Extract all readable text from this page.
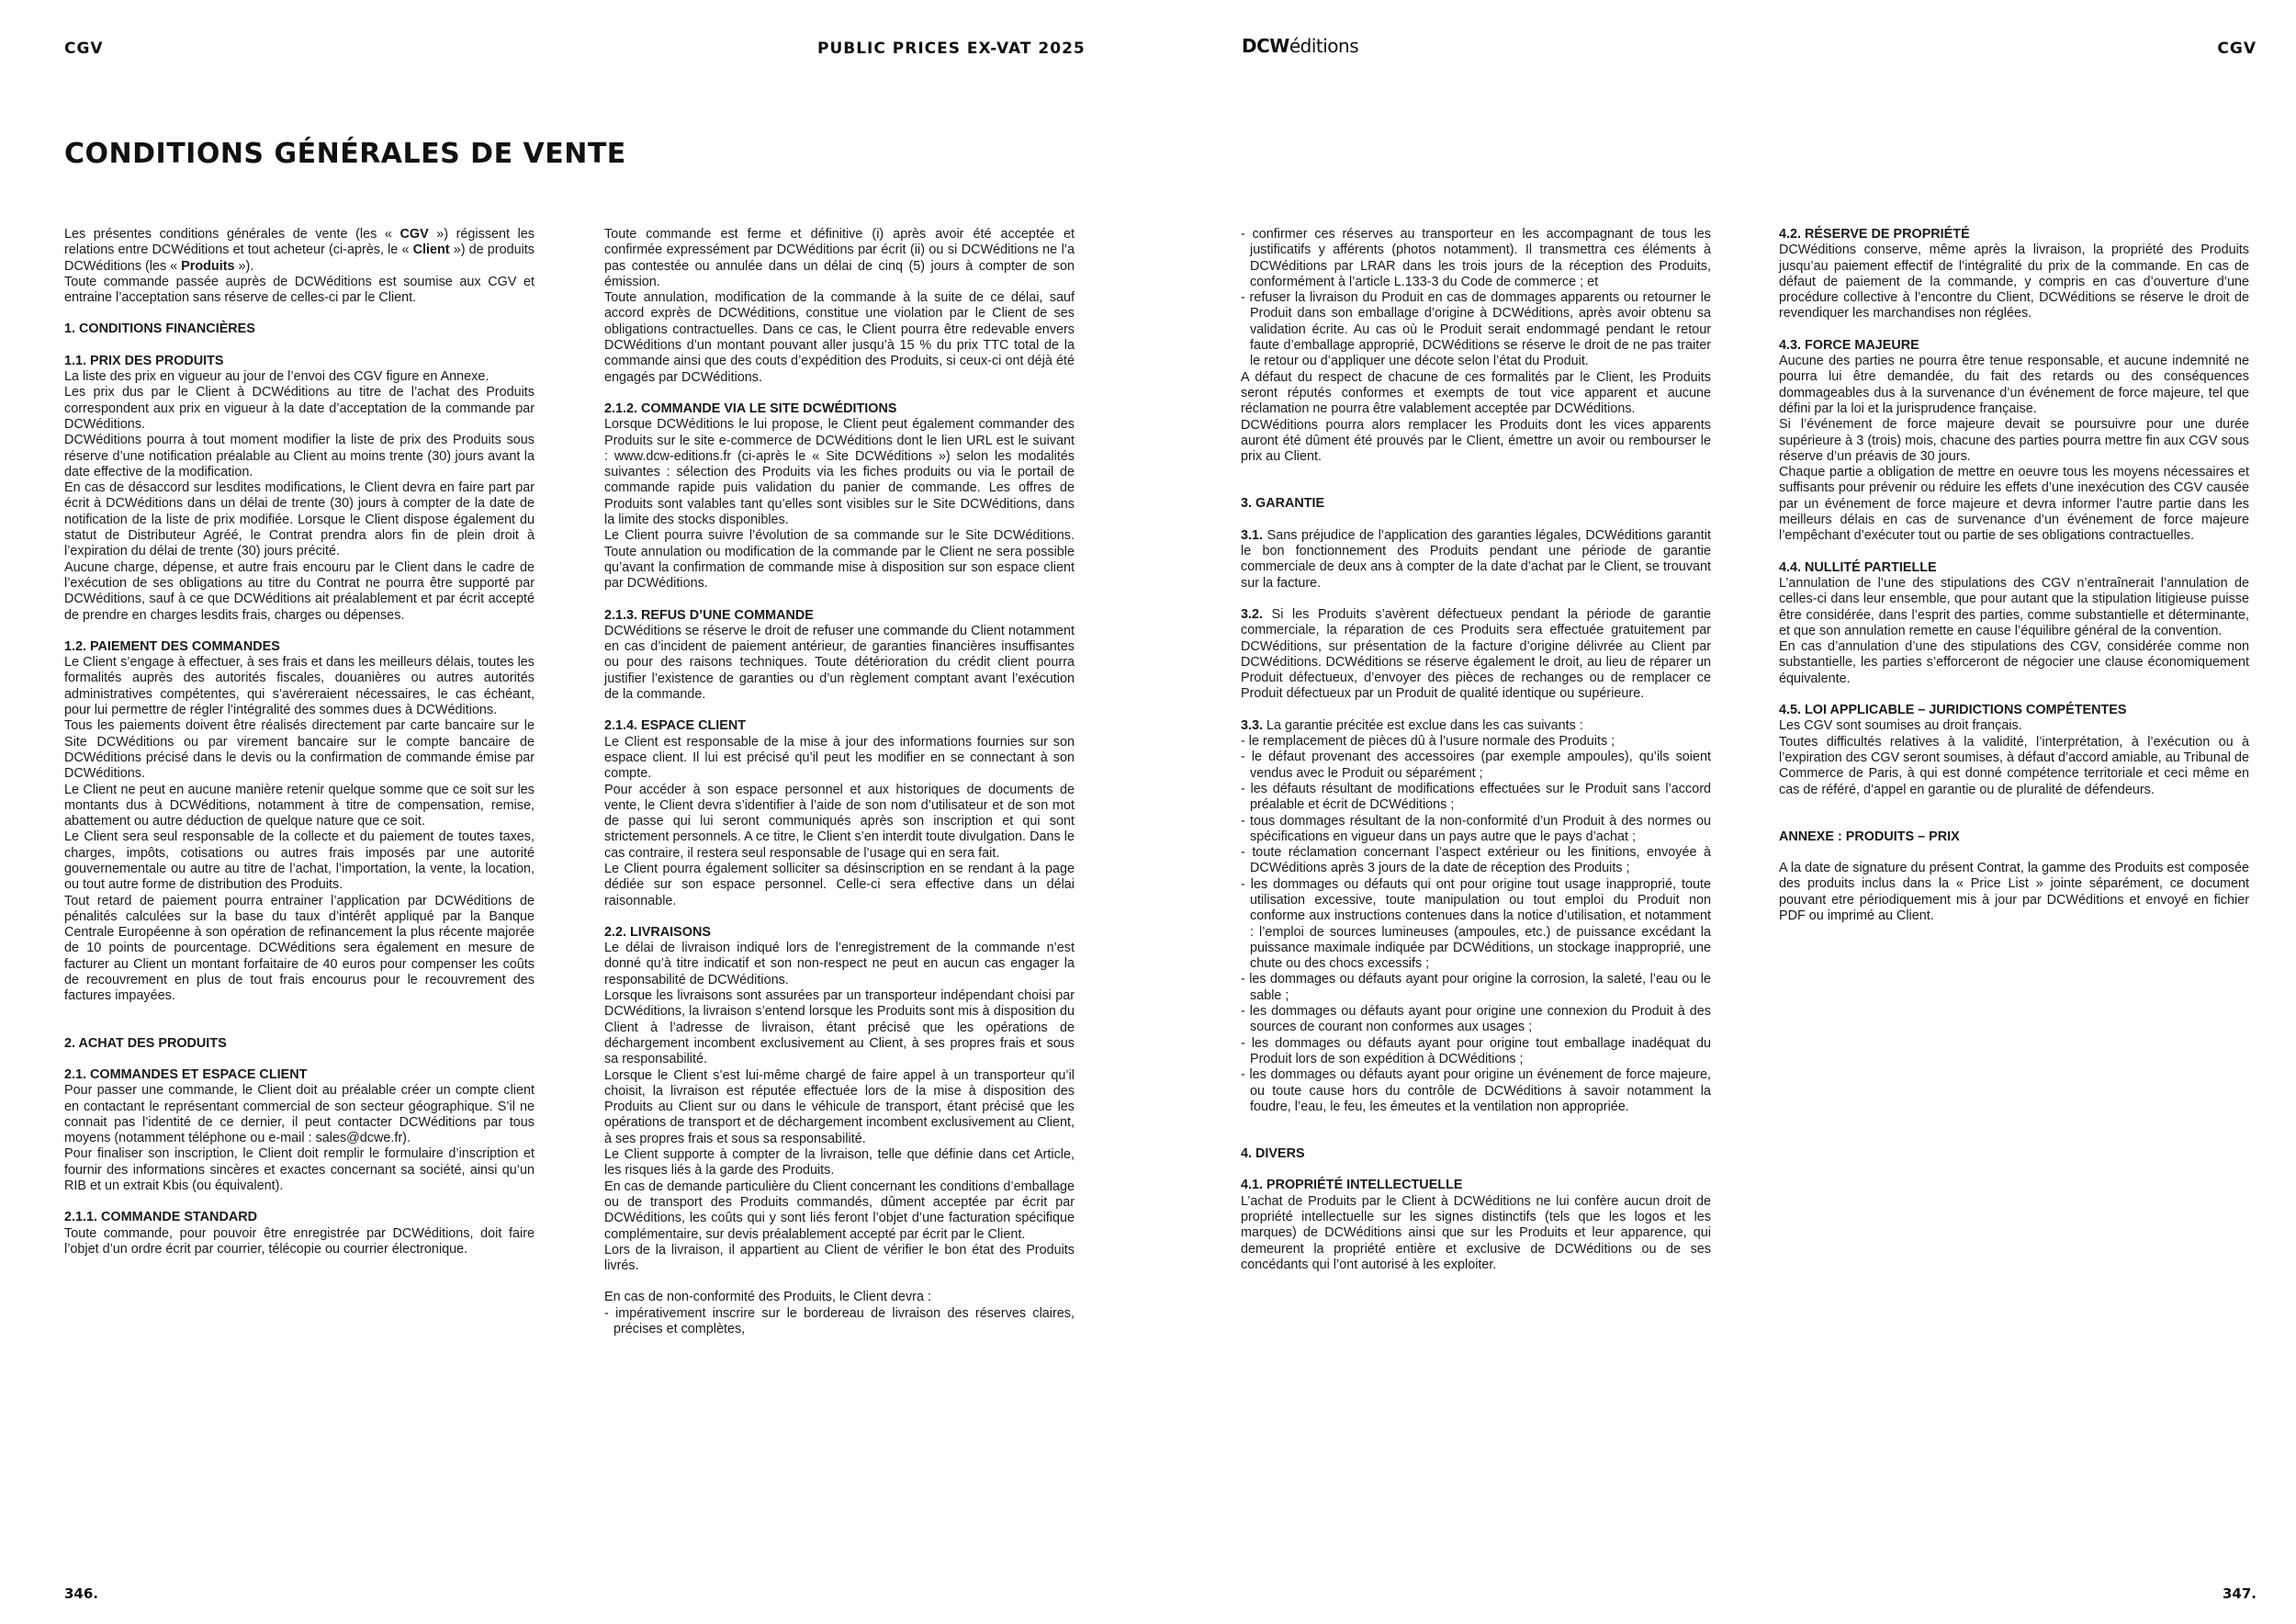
CGV	PUBLIC PRICES EX-VAT 2025	DCWéditions	CGV
CONDITIONS GÉNÉRALES DE VENTE

Les présentes conditions générales de vente (les « CGV ») régissent les relations entre DCWéditions et tout acheteur (ci-après, le « Client ») de produits DCWéditions (les « Produits »).

Toute commande passée auprès de DCWéditions est soumise aux CGV et entraine l’acceptation sans réserve de celles-ci par le Client.

1. CONDITIONS FINANCIÈRES

1.1. PRIX DES PRODUITS

La liste des prix en vigueur au jour de l’envoi des CGV figure en Annexe.

Les prix dus par le Client à DCWéditions au titre de l’achat des Produits correspondent aux prix en vigueur à la date d’acceptation de la commande par DCWéditions.

DCWéditions pourra à tout moment modifier la liste de prix des Produits sous réserve d’une notification préalable au Client au moins trente (30) jours avant la date effective de la modification.

En cas de désaccord sur lesdites modifications, le Client devra en faire part par écrit à DCWéditions dans un délai de trente (30) jours à compter de la date de notification de la liste de prix modifiée. Lorsque le Client dispose également du statut de Distributeur Agréé, le Contrat prendra alors fin de plein droit à l’expiration du délai de trente (30) jours précité.

Aucune charge, dépense, et autre frais encouru par le Client dans le cadre de l’exécution de ses obligations au titre du Contrat ne pourra être supporté par DCWéditions, sauf à ce que DCWéditions ait préalablement et par écrit accepté de prendre en charges lesdits frais, charges ou dépenses.

1.2. PAIEMENT DES COMMANDES

Le Client s’engage à effectuer, à ses frais et dans les meilleurs délais, toutes les formalités auprès des autorités fiscales, douanières ou autres autorités administratives compétentes, qui s’avéreraient nécessaires, le cas échéant, pour lui permettre de régler l’intégralité des sommes dues à DCWéditions.

Tous les paiements doivent être réalisés directement par carte bancaire sur le Site DCWéditions ou par virement bancaire sur le compte bancaire de DCWéditions précisé dans le devis ou la confirmation de commande émise par DCWéditions.

Le Client ne peut en aucune manière retenir quelque somme que ce soit sur les montants dus à DCWéditions, notamment à titre de compensation, remise, abattement ou autre déduction de quelque nature que ce soit.

Le Client sera seul responsable de la collecte et du paiement de toutes taxes, charges, impôts, cotisations ou autres frais imposés par une autorité gouvernementale ou autre au titre de l’achat, l’importation, la vente, la location, ou tout autre forme de distribution des Produits.

Tout retard de paiement pourra entrainer l’application par DCWéditions de pénalités calculées sur la base du taux d’intérêt appliqué par la Banque Centrale Européenne à son opération de refinancement la plus récente majorée de 10 points de pourcentage. DCWéditions sera également en mesure de facturer au Client un montant forfaitaire de 40 euros pour compenser les coûts de recouvrement en plus de tout frais encourus pour le recouvrement des factures impayées.

2. ACHAT DES PRODUITS

2.1. COMMANDES ET ESPACE CLIENT

Pour passer une commande, le Client doit au préalable créer un compte client en contactant le représentant commercial de son secteur géographique. S’il ne connait pas l’identité de ce dernier, il peut contacter DCWéditions par tous moyens (notamment téléphone ou e-mail : sales@dcwe.fr).

Pour finaliser son inscription, le Client doit remplir le formulaire d’inscription et fournir des informations sincères et exactes concernant sa société, ainsi qu’un RIB et un extrait Kbis (ou équivalent).

2.1.1. COMMANDE STANDARD

Toute commande, pour pouvoir être enregistrée par DCWéditions, doit faire l’objet d’un ordre écrit par courrier, télécopie ou courrier électronique.

Toute commande est ferme et définitive (i) après avoir été acceptée et confirmée expressément par DCWéditions par écrit (ii) ou si DCWéditions ne l’a pas contestée ou annulée dans un délai de cinq (5) jours à compter de son émission.

Toute annulation, modification de la commande à la suite de ce délai, sauf accord exprès de DCWéditions, constitue une violation par le Client de ses obligations contractuelles. Dans ce cas, le Client pourra être redevable envers DCWéditions d’un montant pouvant aller jusqu’à 15 % du prix TTC total de la commande ainsi que des couts d’expédition des Produits, si ceux-ci ont déjà été engagés par DCWéditions.

2.1.2. COMMANDE VIA LE SITE DCWÉDITIONS

Lorsque DCWéditions le lui propose, le Client peut également commander des Produits sur le site e-commerce de DCWéditions dont le lien URL est le suivant : www.dcw-editions.fr (ci-après le « Site DCWéditions ») selon les modalités suivantes : sélection des Produits via les fiches produits ou via le portail de commande rapide puis validation du panier de commande. Les offres de Produits sont valables tant qu’elles sont visibles sur le Site DCWéditions, dans la limite des stocks disponibles.

Le Client pourra suivre l’évolution de sa commande sur le Site DCWéditions. Toute annulation ou modification de la commande par le Client ne sera possible qu’avant la confirmation de commande mise à disposition sur son espace client par DCWéditions.

2.1.3. REFUS D’UNE COMMANDE

DCWéditions se réserve le droit de refuser une commande du Client notamment en cas d’incident de paiement antérieur, de garanties financières insuffisantes ou pour des raisons techniques. Toute détérioration du crédit client pourra justifier l’existence de garanties ou d’un règlement comptant avant l’exécution de la commande.

2.1.4. ESPACE CLIENT

Le Client est responsable de la mise à jour des informations fournies sur son espace client. Il lui est précisé qu’il peut les modifier en se connectant à son compte.

Pour accéder à son espace personnel et aux historiques de documents de vente, le Client devra s’identifier à l’aide de son nom d’utilisateur et de son mot de passe qui lui seront communiqués après son inscription et qui sont strictement personnels. A ce titre, le Client s’en interdit toute divulgation. Dans le cas contraire, il restera seul responsable de l’usage qui en sera fait.

Le Client pourra également solliciter sa désinscription en se rendant à la page dédiée sur son espace personnel. Celle-ci sera effective dans un délai raisonnable.

2.2. LIVRAISONS

Le délai de livraison indiqué lors de l’enregistrement de la commande n’est donné qu’à titre indicatif et son non-respect ne peut en aucun cas engager la responsabilité de DCWéditions.

Lorsque les livraisons sont assurées par un transporteur indépendant choisi par DCWéditions, la livraison s’entend lorsque les Produits sont mis à disposition du Client à l’adresse de livraison, étant précisé que les opérations de déchargement incombent exclusivement au Client, à ses propres frais et sous sa responsabilité.

Lorsque le Client s’est lui-même chargé de faire appel à un transporteur qu’il choisit, la livraison est réputée effectuée lors de la mise à disposition des Produits au Client sur ou dans le véhicule de transport, étant précisé que les opérations de transport et de déchargement incombent exclusivement au Client, à ses propres frais et sous sa responsabilité.

Le Client supporte à compter de la livraison, telle que définie dans cet Article, les risques liés à la garde des Produits.

En cas de demande particulière du Client concernant les conditions d’emballage ou de transport des Produits commandés, dûment acceptée par écrit par DCWéditions, les coûts qui y sont liés feront l’objet d’une facturation spécifique complémentaire, sur devis préalablement accepté par écrit par le Client.

Lors de la livraison, il appartient au Client de vérifier le bon état des Produits livrés.

En cas de non-conformité des Produits, le Client devra :

- impérativement inscrire sur le bordereau de livraison des réserves claires, précises et complètes,

- confirmer ces réserves au transporteur en les accompagnant de tous les justificatifs y afférents (photos notamment). Il transmettra ces éléments à DCWéditions par LRAR dans les trois jours de la réception des Produits, conformément à l’article L.133-3 du Code de commerce ; et

- refuser la livraison du Produit en cas de dommages apparents ou retourner le Produit dans son emballage d’origine à DCWéditions, après avoir obtenu sa validation écrite. Au cas où le Produit serait endommagé pendant le retour faute d’emballage approprié, DCWéditions se réserve le droit de ne pas traiter le retour ou d’appliquer une décote selon l’état du Produit.

A défaut du respect de chacune de ces formalités par le Client, les Produits seront réputés conformes et exempts de tout vice apparent et aucune réclamation ne pourra être valablement acceptée par DCWéditions.

DCWéditions pourra alors remplacer les Produits dont les vices apparents auront été dûment été prouvés par le Client, émettre un avoir ou rembourser le prix au Client.

3. GARANTIE

3.1. Sans préjudice de l’application des garanties légales, DCWéditions garantit le bon fonctionnement des Produits pendant une période de garantie commerciale de deux ans à compter de la date d’achat par le Client, se trouvant sur la facture.

3.2. Si les Produits s’avèrent défectueux pendant la période de garantie commerciale, la réparation de ces Produits sera effectuée gratuitement par DCWéditions, sur présentation de la facture d’origine délivrée au Client par DCWéditions. DCWéditions se réserve également le droit, au lieu de réparer un Produit défectueux, d’envoyer des pièces de rechanges ou de remplacer ce Produit défectueux par un Produit de qualité identique ou supérieure.

3.3. La garantie précitée est exclue dans les cas suivants :

- le remplacement de pièces dû à l’usure normale des Produits ;

- le défaut provenant des accessoires (par exemple ampoules), qu’ils soient vendus avec le Produit ou séparément ;

- les défauts résultant de modifications effectuées sur le Produit sans l’accord préalable et écrit de DCWéditions ;

- tous dommages résultant de la non-conformité d’un Produit à des normes ou spécifications en vigueur dans un pays autre que le pays d’achat ;

- toute réclamation concernant l’aspect extérieur ou les finitions, envoyée à DCWéditions après 3 jours de la date de réception des Produits ;

- les dommages ou défauts qui ont pour origine tout usage inapproprié, toute utilisation excessive, toute manipulation ou tout emploi du Produit non conforme aux instructions contenues dans la notice d’utilisation, et notamment : l’emploi de sources lumineuses (ampoules, etc.) de puissance excédant la puissance maximale indiquée par DCWéditions, un stockage inapproprié, une chute ou des chocs excessifs ;

- les dommages ou défauts ayant pour origine la corrosion, la saleté, l’eau ou le sable ;

- les dommages ou défauts ayant pour origine une connexion du Produit à des sources de courant non conformes aux usages ;

- les dommages ou défauts ayant pour origine tout emballage inadéquat du Produit lors de son expédition à DCWéditions ;

- les dommages ou défauts ayant pour origine un événement de force majeure, ou toute cause hors du contrôle de DCWéditions à savoir notamment la foudre, l’eau, le feu, les émeutes et la ventilation non appropriée.

4. DIVERS

4.1. PROPRIÉTÉ INTELLECTUELLE

L’achat de Produits par le Client à DCWéditions ne lui confère aucun droit de propriété intellectuelle sur les signes distinctifs (tels que les logos et les marques) de DCWéditions ainsi que sur les Produits et leur apparence, qui demeurent la propriété entière et exclusive de DCWéditions ou de ses concédants qui l’ont autorisé à les exploiter.

4.2. RÉSERVE DE PROPRIÉTÉ

DCWéditions conserve, même après la livraison, la propriété des Produits jusqu’au paiement effectif de l’intégralité du prix de la commande. En cas de défaut de paiement de la commande, y compris en cas d’ouverture d’une procédure collective à l’encontre du Client, DCWéditions se réserve le droit de revendiquer les marchandises non réglées.

4.3. FORCE MAJEURE

Aucune des parties ne pourra être tenue responsable, et aucune indemnité ne pourra lui être demandée, du fait des retards ou des conséquences dommageables dus à la survenance d’un événement de force majeure, tel que défini par la loi et la jurisprudence française.

Si l’événement de force majeure devait se poursuivre pour une durée supérieure à 3 (trois) mois, chacune des parties pourra mettre fin aux CGV sous réserve d’un préavis de 30 jours.

Chaque partie a obligation de mettre en oeuvre tous les moyens nécessaires et suffisants pour prévenir ou réduire les effets d’une inexécution des CGV causée par un événement de force majeure et devra informer l’autre partie dans les meilleurs délais en cas de survenance d’un événement de force majeure l’empêchant d’exécuter tout ou partie de ses obligations contractuelles.

4.4. NULLITÉ PARTIELLE

L’annulation de l’une des stipulations des CGV n’entraînerait l’annulation de celles-ci dans leur ensemble, que pour autant que la stipulation litigieuse puisse être considérée, dans l’esprit des parties, comme substantielle et déterminante, et que son annulation remette en cause l’équilibre général de la convention.

En cas d’annulation d’une des stipulations des CGV, considérée comme non substantielle, les parties s’efforceront de négocier une clause économiquement équivalente.

4.5. LOI APPLICABLE – JURIDICTIONS COMPÉTENTES

Les CGV sont soumises au droit français.

Toutes difficultés relatives à la validité, l’interprétation, à l’exécution ou à l’expiration des CGV seront soumises, à défaut d’accord amiable, au Tribunal de Commerce de Paris, à qui est donné compétence territoriale et ceci même en cas de référé, d’appel en garantie ou de pluralité de défendeurs.

ANNEXE : PRODUITS – PRIX

A la date de signature du présent Contrat, la gamme des Produits est composée des produits inclus dans la « Price List » jointe séparément, ce document pouvant etre périodiquement mis à jour par DCWéditions et envoyé en fichier PDF ou imprimé au Client.

346.	347.
